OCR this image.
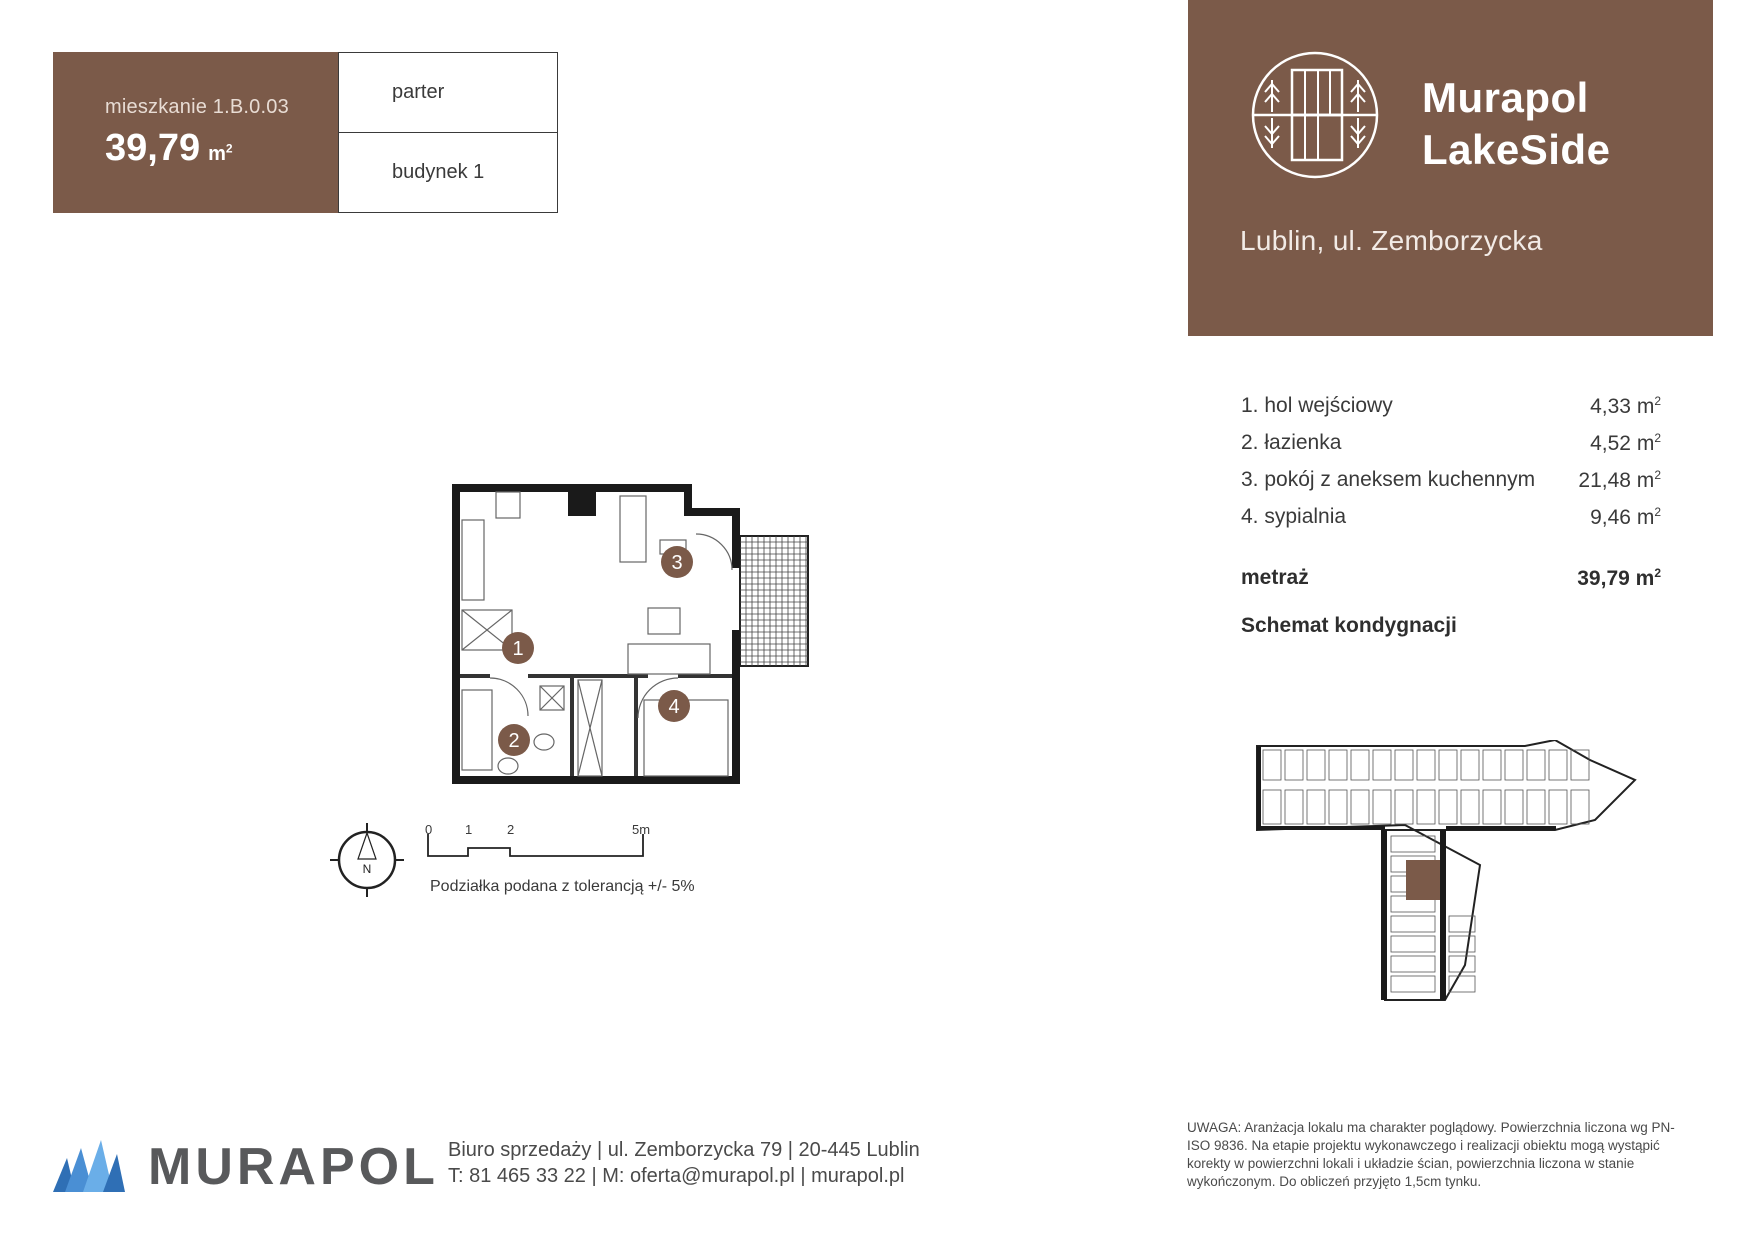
mieszkanie 1.B.0.03
39,79 $m^2$
parter
budynek 1
Murapol
LakeSide
Lublin, ul. Zemborzycka
1. hol wejściowy	4,33 $m^2$
2. łazienka	4,52 $m^2$
3. pokój z aneksem kuchennym 21,48 $m^2$
4. sypialnia	9,46 $m^2$
metraż	39,79 $m^2$
Schemat kondygnacji
1
2
3
4
N
0	1	2	5m
Podziałka podana z tolerancją +/- 5%
MURAPOL Biuro sprzedaży | ul. Zemborzycka 79 | 20-445 Lublin
T: 81 465 33 22 | M: oferta@murapol.pl | murapol.pl
UWAGA: Aranżacja lokalu ma charakter poglądowy. Powierzchnia liczona wg PN-ISO 9836. Na etapie projektu wykonawczego i realizacji obiektu mogą wystąpić korekty w powierzchni lokali i układzie ścian, powierzchnia liczona w stanie wykończonym. Do obliczeń przyjęto 1,5cm tynku.
